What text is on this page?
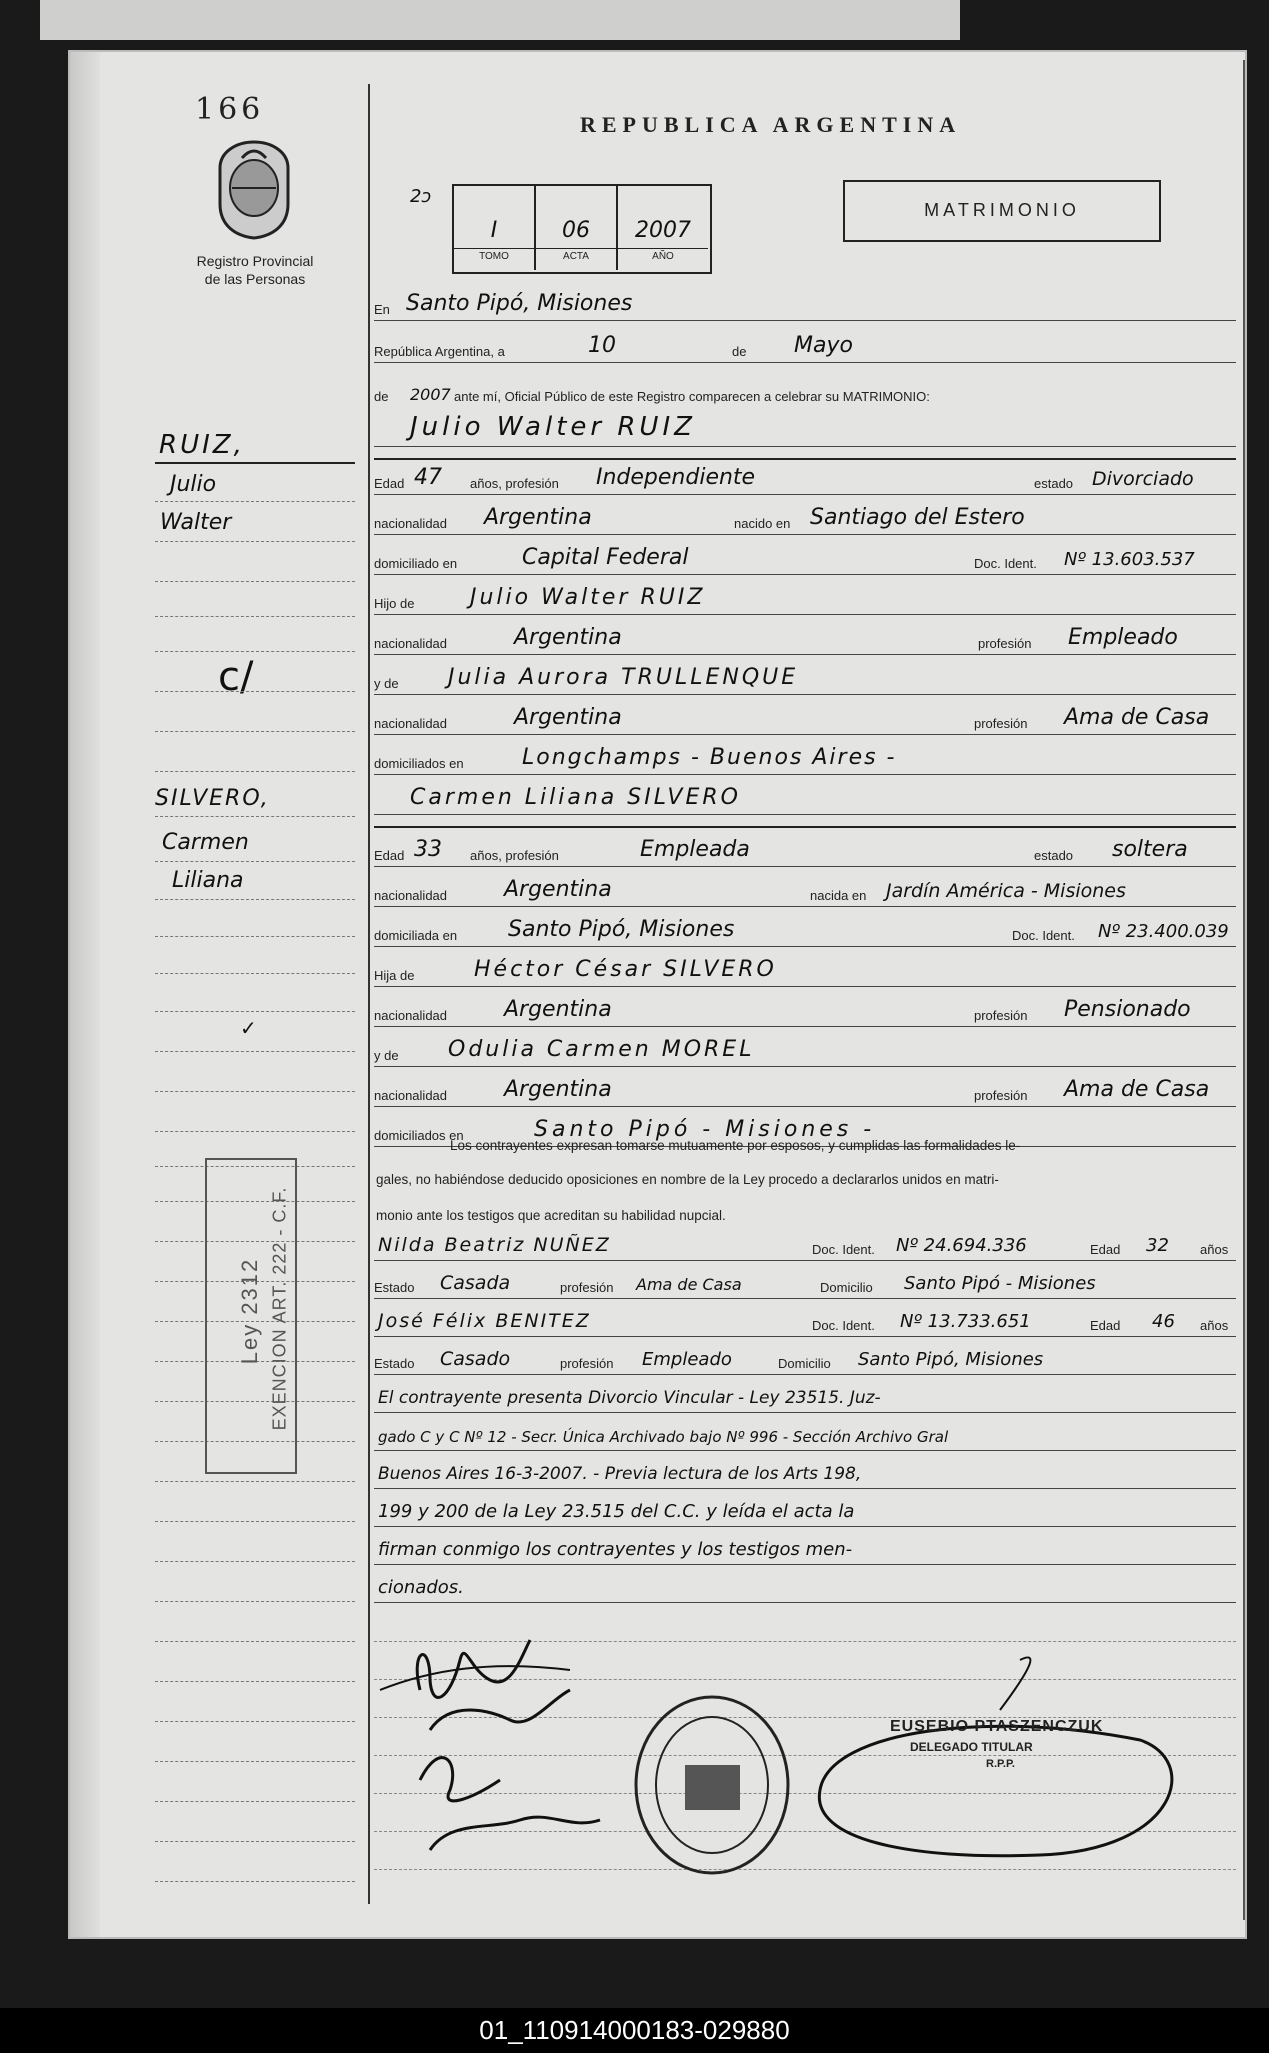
166
Registro Provincial
de las Personas
REPUBLICA ARGENTINA
2ᴐ
I
TOMO
06
ACTA
2007
AÑO
MATRIMONIO
En Santo Pipó, Misiones
República Argentina, a	10	de Mayo
de 2007 ante mí, Oficial Público de este Registro comparecen a celebrar su MATRIMONIO:
Julio Walter RUIZ
RUIZ,
Julio
Walter
c/
SILVERO,
Carmen
Liliana
✓
Ley 2312 EXENCION ART. 222 - C.F.
Edad 47 años, profesión Independiente	estado Divorciado
nacionalidad Argentina	nacido en Santiago del Estero
domiciliado en	Capital Federal	Doc. Ident. Nº 13.603.537
Hijo de	Julio Walter RUIZ
nacionalidad	Argentina	profesión Empleado
y de Julia Aurora TRULLENQUE
nacionalidad	Argentina	profesión Ama de Casa
domiciliados en	Longchamps - Buenos Aires -
Carmen Liliana SILVERO
Edad 33 años, profesión	Empleada	estado soltera
nacionalidad	Argentina	nacida en Jardín América - Misiones
domiciliada en Santo Pipó, Misiones	Doc. Ident. Nº 23.400.039
Hija de	Héctor César SILVERO
nacionalidad	Argentina	profesión Pensionado
y de Odulia Carmen MOREL
nacionalidad	Argentina	profesión Ama de Casa
domiciliados en	Santo Pipó - Misiones -
Los contrayentes expresan tomarse mutuamente por esposos, y cumplidas las formalidades le-
gales, no habiéndose deducido oposiciones en nombre de la Ley procedo a declararlos unidos en matri-
monio ante los testigos que acreditan su habilidad nupcial.
Nilda Beatriz NUÑEZ	Doc. Ident. Nº 24.694.336	Edad 32 años
Estado Casada	profesión Ama de Casa	Domicilio Santo Pipó - Misiones
José Félix BENITEZ	Doc. Ident. Nº 13.733.651	Edad 46 años
Estado Casado	profesión Empleado	Domicilio Santo Pipó, Misiones
El contrayente presenta Divorcio Vincular - Ley 23515. Juz-
gado C y C Nº 12 - Secr. Única Archivado bajo Nº 996 - Sección Archivo Gral
Buenos Aires 16-3-2007. - Previa lectura de los Arts 198,
199 y 200 de la Ley 23.515 del C.C. y leída el acta la
firman conmigo los contrayentes y los testigos men-
cionados.
EUSEBIO PTASZENCZUK
DELEGADO TITULAR
R.P.P.
01_110914000183-029880
